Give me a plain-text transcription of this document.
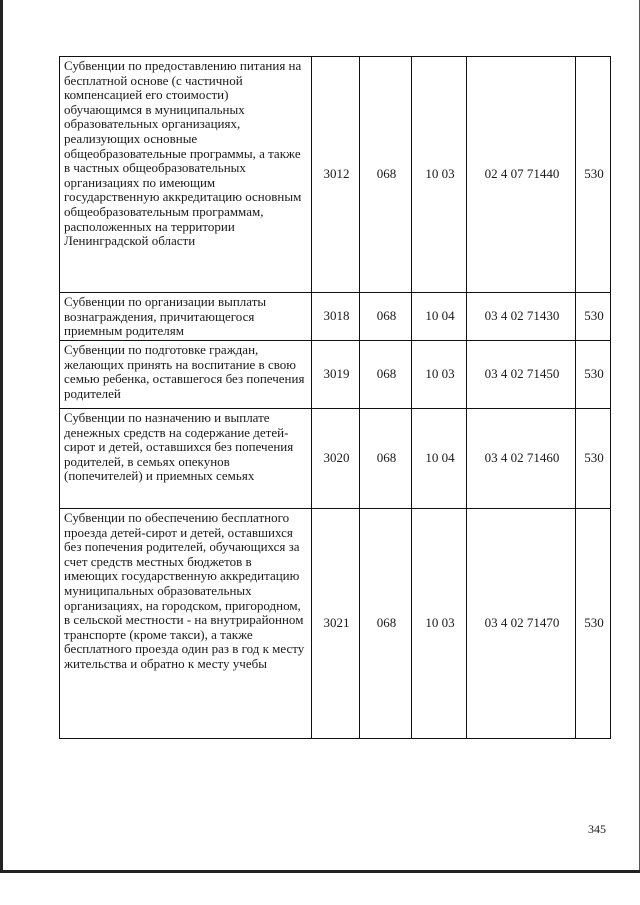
Субвенции по предоставлению питания на бесплатной основе (с частичной компенсацией его стоимости) обучающимся в муниципальных образовательных организациях, реализующих основные общеобразовательные программы, а также в частных общеобразовательных организациях по имеющим государственную аккредитацию основным общеобразовательным программам, расположенных на территории Ленинградской области	3012	068	10 03	02 4 07 71440	530
Субвенции по организации выплаты вознаграждения, причитающегося приемным родителям	3018	068	10 04	03 4 02 71430	530
Субвенции по подготовке граждан, желающих принять на воспитание в свою семью ребенка, оставшегося без попечения родителей	3019	068	10 03	03 4 02 71450	530
Субвенции по назначению и выплате денежных средств на содержание детей-сирот и детей, оставшихся без попечения родителей, в семьях опекунов (попечителей) и приемных семьях	3020	068	10 04	03 4 02 71460	530
Субвенции по обеспечению бесплатного проезда детей-сирот и детей, оставшихся без попечения родителей, обучающихся за счет средств местных бюджетов в имеющих государственную аккредитацию муниципальных образовательных организациях, на городском, пригородном, в сельской местности - на внутрирайонном транспорте (кроме такси), а также бесплатного проезда один раз в год к месту жительства и обратно к месту учебы	3021	068	10 03	03 4 02 71470	530
345
